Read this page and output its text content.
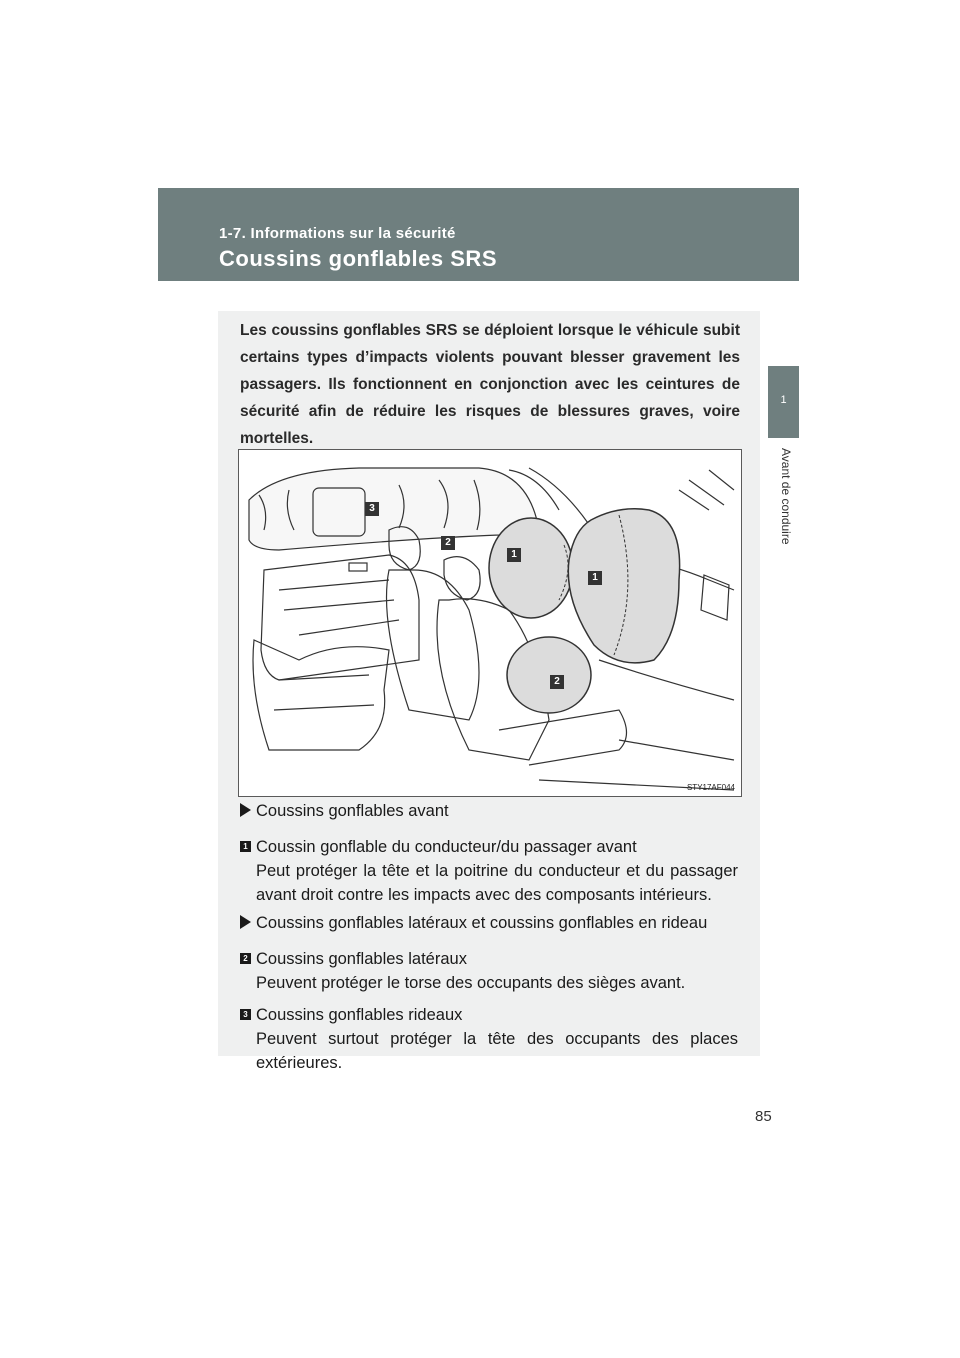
1-7. Informations sur la sécurité
Coussins gonflables SRS
1
Avant de conduire
Les coussins gonflables SRS se déploient lorsque le véhicule subit certains types d’impacts violents pouvant blesser gravement les passagers. Ils fonctionnent en conjonction avec les ceintures de sécurité afin de réduire les risques de blessures graves, voire mortelles.
3
2
1
1
2
STY17AF044
Coussins gonflables avant
1 Coussin gonflable du conducteur/du passager avant
Peut protéger la tête et la poitrine du conducteur et du passager avant droit contre les impacts avec des composants intérieurs.
Coussins gonflables latéraux et coussins gonflables en rideau
2 Coussins gonflables latéraux
Peuvent protéger le torse des occupants des sièges avant.
3 Coussins gonflables rideaux
Peuvent surtout protéger la tête des occupants des places extérieures.
85
